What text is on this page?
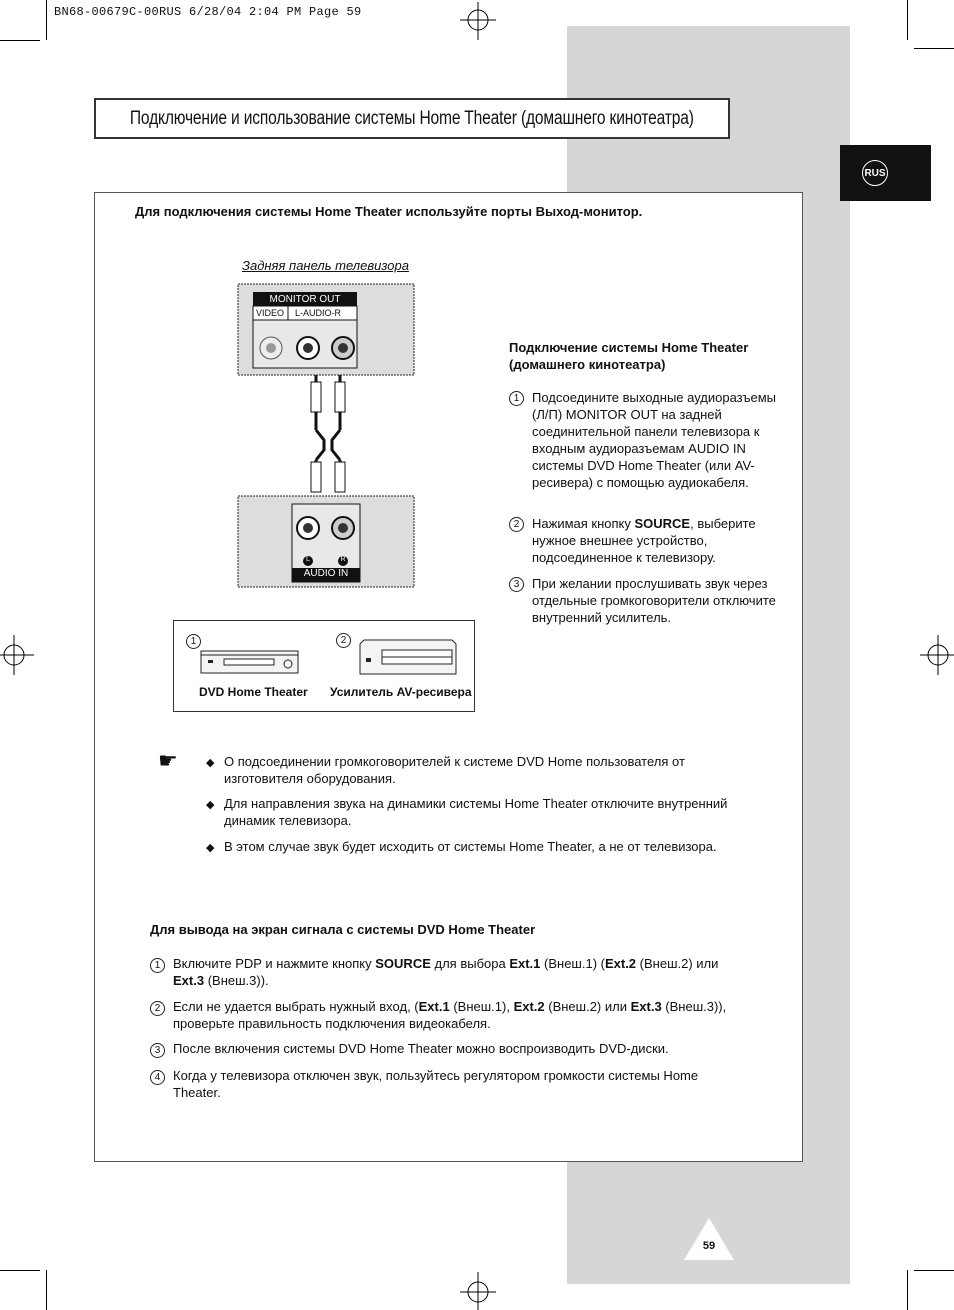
BN68-00679C-00RUS 6/28/04 2:04 PM Page 59
Подключение и использование системы Home Theater (домашнего кинотеатра)
RUS
Для подключения системы Home Theater используйте порты Выход-монитор.
Задняя панель телевизора
MONITOR OUT
VIDEO L-AUDIO-R
L	R
AUDIO IN
Подключение системы Home Theater (домашнего кинотеатра)
1 Подсоедините выходные аудиоразъемы (Л/П) MONITOR OUT на задней соединительной панели телевизора к входным аудиоразъемам AUDIO IN системы DVD Home Theater (или AV-ресивера) с помощью аудиокабеля.
2 Нажимая кнопку SOURCE, выберите нужное внешнее устройство, подсоединенное к телевизору.
3 При желании прослушивать звук через отдельные громкоговорители отключите внутренний усилитель.
1	2
DVD Home Theater Усилитель AV-ресивера
☛	◆ О подсоединении громкоговорителей к системе DVD Home пользователя от изготовителя оборудования.
◆ Для направления звука на динамики системы Home Theater отключите внутренний динамик телевизора.
◆ В этом случае звук будет исходить от системы Home Theater, а не от телевизора.
Для вывода на экран сигнала с системы DVD Home Theater
1 Включите PDP и нажмите кнопку SOURCE для выбора Ext.1 (Внеш.1) (Ext.2 (Внеш.2) или Ext.3 (Внеш.3)).
2 Если не удается выбрать нужный вход, (Ext.1 (Внеш.1), Ext.2 (Внеш.2) или Ext.3 (Внеш.3)), проверьте правильность подключения видеокабеля.
3 После включения системы DVD Home Theater можно воспроизводить DVD-диски.
4 Когда у телевизора отключен звук, пользуйтесь регулятором громкости системы Home Theater.
59
